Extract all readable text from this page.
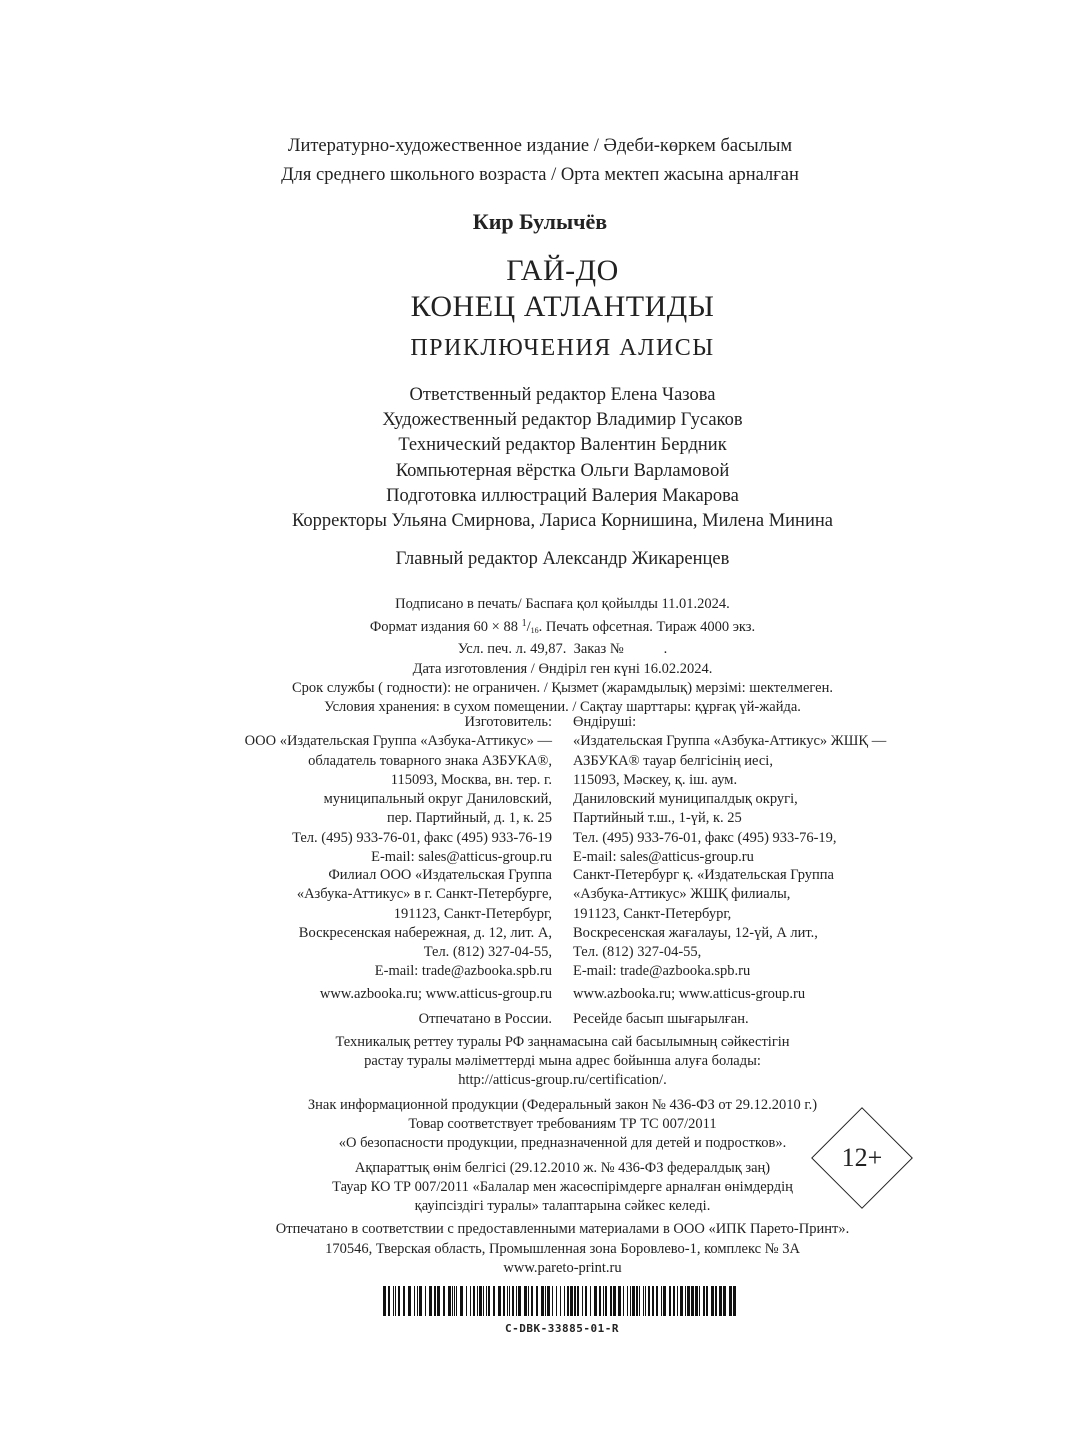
Литературно-художественное издание / Әдеби-көркем басылым
Для среднего школьного возраста / Орта мектеп жасына арналған
Кир Булычёв
ГАЙ-ДО
КОНЕЦ АТЛАНТИДЫ
ПРИКЛЮЧЕНИЯ АЛИСЫ
Ответственный редактор Елена Чазова
Художественный редактор Владимир Гусаков
Технический редактор Валентин Бердник
Компьютерная вёрстка Ольги Варламовой
Подготовка иллюстраций Валерия Макарова
Корректоры Ульяна Смирнова, Лариса Корнишина, Милена Минина
Главный редактор Александр Жикаренцев
Подписано в печать/ Баспаға қол қойылды 11.01.2024.
Формат издания 60 × 88 $^1$/16. Печать офсетная. Тираж 4000 экз.
Усл. печ. л. 49,87.  Заказ №           .
Дата изготовления / Өндіріл ген күні 16.02.2024.
Срок службы ( годности): не ограничен. / Қызмет (жарамдылық) мерзімі: шектелмеген.
Условия хранения: в сухом помещении. / Сақтау шарттары: құрғақ үй-жайда.
Изготовитель:
ООО «Издательская Группа «Азбука-Аттикус» —
обладатель товарного знака АЗБУКА®,
115093, Москва, вн. тер. г.
муниципальный округ Даниловский,
пер. Партийный, д. 1, к. 25
Тел. (495) 933-76-01, факс (495) 933-76-19
E-mail: sales@atticus-group.ru
Өндіруші:
«Издательская Группа «Азбука-Аттикус» ЖШҚ —
АЗБУКА® тауар белгісінің иесі,
115093, Мәскеу, қ. іш. аум.
Даниловский муниципалдық округі,
Партийный т.ш., 1-үй, к. 25
Тел. (495) 933-76-01, факс (495) 933-76-19,
E-mail: sales@atticus-group.ru
Филиал ООО «Издательская Группа
«Азбука-Аттикус» в г. Санкт-Петербурге,
191123, Санкт-Петербург,
Воскресенская набережная, д. 12, лит. А,
Тел. (812) 327-04-55,
E-mail: trade@azbooka.spb.ru
Санкт-Петербург қ. «Издательская Группа
«Азбука-Аттикус» ЖШҚ филиалы,
191123, Санкт-Петербург,
Воскресенская жағалауы, 12-үй, А лит.,
Тел. (812) 327-04-55,
E-mail: trade@azbooka.spb.ru
www.azbooka.ru; www.atticus-group.ru www.azbooka.ru; www.atticus-group.ru
Отпечатано в России. Ресейде басып шығарылған.
Техникалық реттеу туралы РФ заңнамасына сай басылымның сәйкестігін
растау туралы мәліметтерді мына адрес бойынша алуға болады:
http://atticus-group.ru/certification/.
Знак информационной продукции (Федеральный закон № 436-ФЗ от 29.12.2010 г.)
Товар соответствует требованиям ТР ТС 007/2011
«О безопасности продукции, предназначенной для детей и подростков».
Ақпараттық өнім белгісі (29.12.2010 ж. № 436-ФЗ федералдық заң)
Тауар КО ТР 007/2011 «Балалар мен жасөспірімдерге арналған өнімдердің
қауіпсіздігі туралы» талаптарына сәйкес келеді.
12+
Отпечатано в соответствии с предоставленными материалами в ООО «ИПК Парето-Принт».
170546, Тверская область, Промышленная зона Боровлево-1, комплекс № 3А
www.pareto-print.ru
C-DBK-33885-01-R
